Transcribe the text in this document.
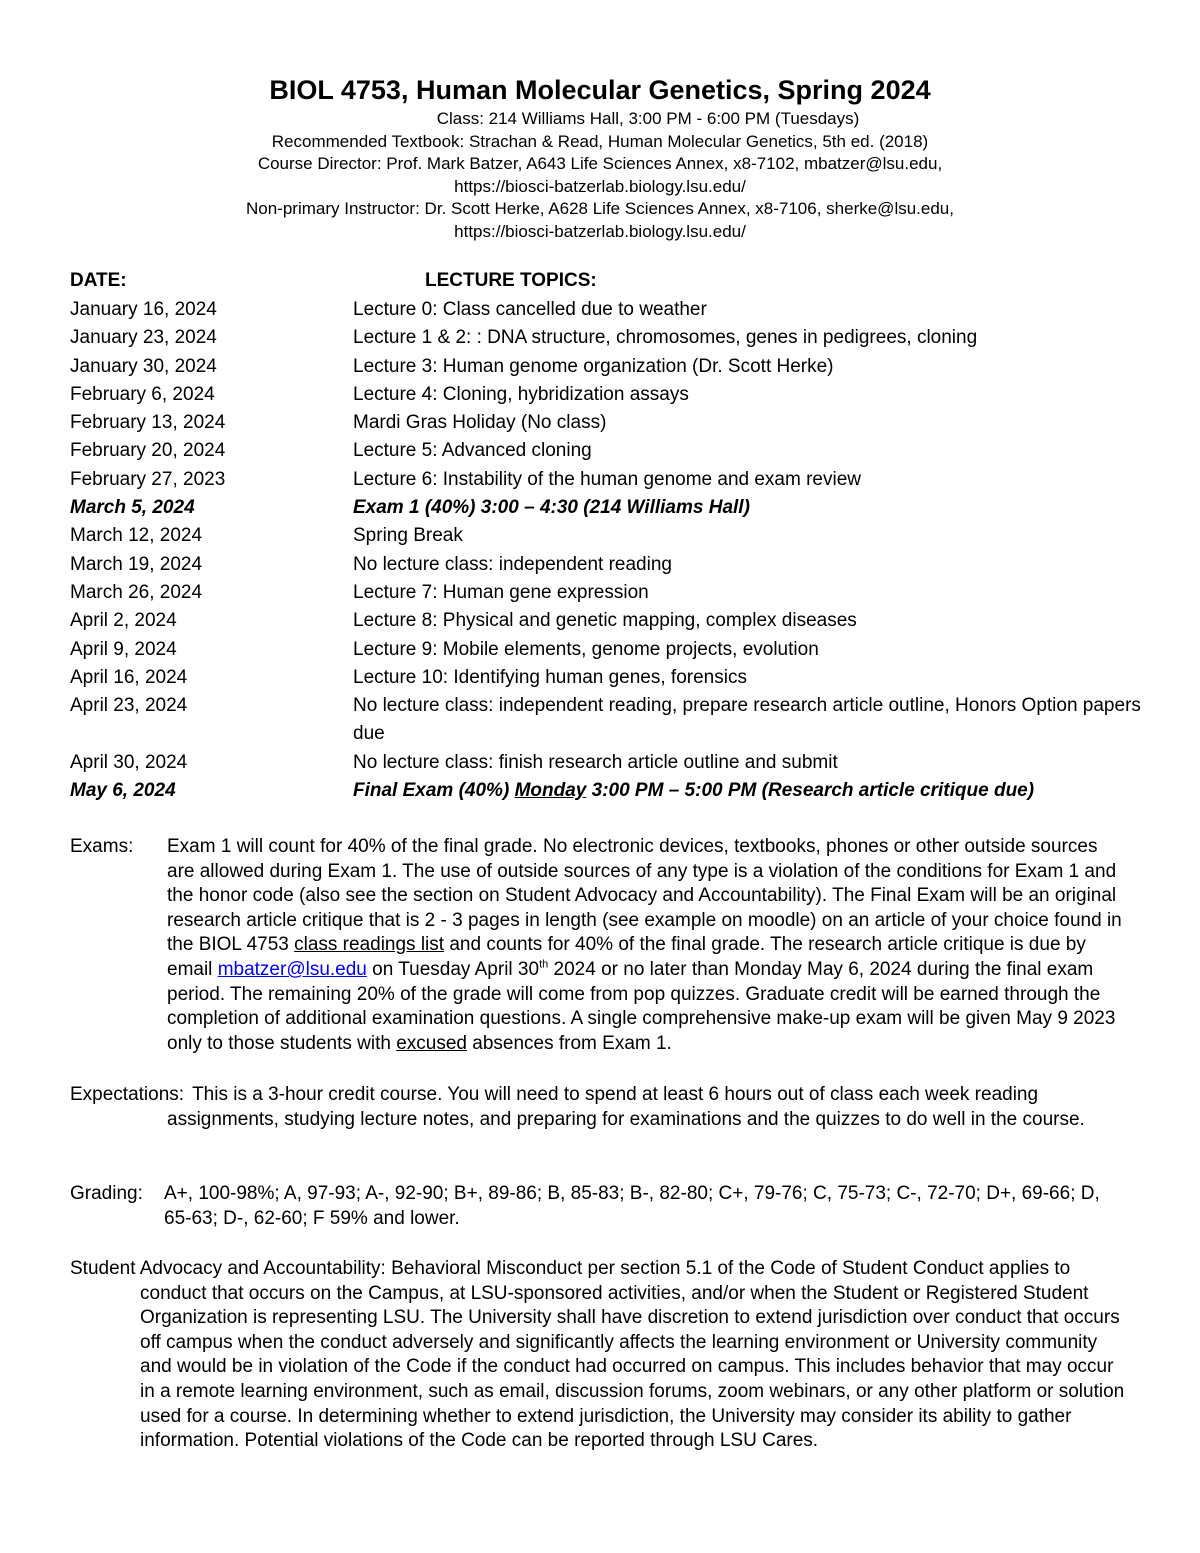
BIOL 4753, Human Molecular Genetics, Spring 2024
Class: 214 Williams Hall, 3:00 PM - 6:00 PM (Tuesdays)
Recommended Textbook: Strachan & Read, Human Molecular Genetics, 5th ed. (2018)
Course Director: Prof. Mark Batzer, A643 Life Sciences Annex, x8-7102, mbatzer@lsu.edu,
https://biosci-batzerlab.biology.lsu.edu/
Non-primary Instructor: Dr. Scott Herke, A628 Life Sciences Annex, x8-7106, sherke@lsu.edu,
https://biosci-batzerlab.biology.lsu.edu/
DATE:	LECTURE TOPICS:
January 16, 2024	Lecture 0: Class cancelled due to weather
January 23, 2024	Lecture 1 & 2: : DNA structure, chromosomes, genes in pedigrees, cloning
January 30, 2024	Lecture 3: Human genome organization (Dr. Scott Herke)
February 6, 2024	Lecture 4: Cloning, hybridization assays
February 13, 2024	Mardi Gras Holiday (No class)
February 20, 2024	Lecture 5: Advanced cloning
February 27, 2023	Lecture 6: Instability of the human genome and exam review
March 5, 2024	Exam 1 (40%) 3:00 – 4:30 (214 Williams Hall)
March 12, 2024	Spring Break
March 19, 2024	No lecture class: independent reading
March 26, 2024	Lecture 7: Human gene expression
April 2, 2024	Lecture 8: Physical and genetic mapping, complex diseases
April 9, 2024	Lecture 9: Mobile elements, genome projects, evolution
April 16, 2024	Lecture 10: Identifying human genes, forensics
April 23, 2024	No lecture class: independent reading, prepare research article outline, Honors Option papers due
April 30, 2024	No lecture class: finish research article outline and submit
May 6, 2024	Final Exam (40%) Monday 3:00 PM – 5:00 PM (Research article critique due)
Exams: Exam 1 will count for 40% of the final grade. No electronic devices, textbooks, phones or other outside sources are allowed during Exam 1. The use of outside sources of any type is a violation of the conditions for Exam 1 and the honor code (also see the section on Student Advocacy and Accountability). The Final Exam will be an original research article critique that is 2 - 3 pages in length (see example on moodle) on an article of your choice found in the BIOL 4753 class readings list and counts for 40% of the final grade. The research article critique is due by email mbatzer@lsu.edu on Tuesday April 30th 2024 or no later than Monday May 6, 2024 during the final exam period. The remaining 20% of the grade will come from pop quizzes. Graduate credit will be earned through the completion of additional examination questions. A single comprehensive make-up exam will be given May 9 2023 only to those students with excused absences from Exam 1.
Expectations: This is a 3-hour credit course. You will need to spend at least 6 hours out of class each week reading assignments, studying lecture notes, and preparing for examinations and the quizzes to do well in the course.
Grading: A+, 100-98%; A, 97-93; A-, 92-90; B+, 89-86; B, 85-83; B-, 82-80; C+, 79-76; C, 75-73; C-, 72-70; D+, 69-66; D, 65-63; D-, 62-60; F 59% and lower.
Student Advocacy and Accountability: Behavioral Misconduct per section 5.1 of the Code of Student Conduct applies to conduct that occurs on the Campus, at LSU-sponsored activities, and/or when the Student or Registered Student Organization is representing LSU. The University shall have discretion to extend jurisdiction over conduct that occurs off campus when the conduct adversely and significantly affects the learning environment or University community and would be in violation of the Code if the conduct had occurred on campus. This includes behavior that may occur in a remote learning environment, such as email, discussion forums, zoom webinars, or any other platform or solution used for a course. In determining whether to extend jurisdiction, the University may consider its ability to gather information. Potential violations of the Code can be reported through LSU Cares.
